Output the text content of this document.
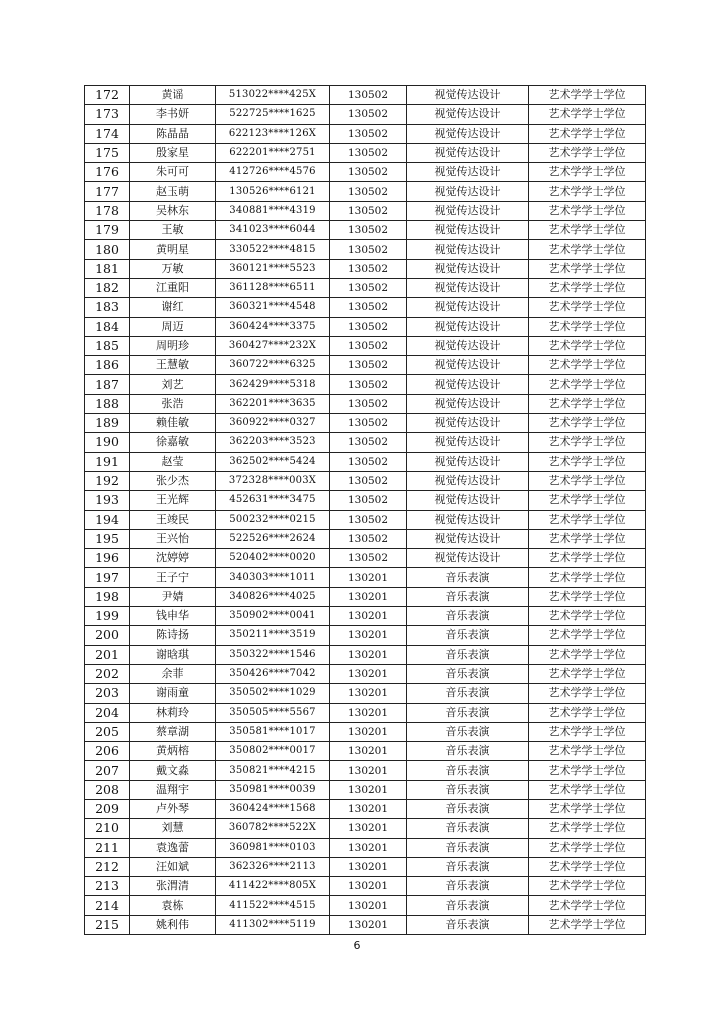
172	黄谣	513022****425X	130502	视觉传达设计	艺术学学士学位
173	李书妍	522725****1625	130502	视觉传达设计	艺术学学士学位
174	陈晶晶	622123****126X	130502	视觉传达设计	艺术学学士学位
175	殷家星	622201****2751	130502	视觉传达设计	艺术学学士学位
176	朱可可	412726****4576	130502	视觉传达设计	艺术学学士学位
177	赵玉萌	130526****6121	130502	视觉传达设计	艺术学学士学位
178	吴林东	340881****4319	130502	视觉传达设计	艺术学学士学位
179	王敏	341023****6044	130502	视觉传达设计	艺术学学士学位
180	黄明星	330522****4815	130502	视觉传达设计	艺术学学士学位
181	万敏	360121****5523	130502	视觉传达设计	艺术学学士学位
182	江重阳	361128****6511	130502	视觉传达设计	艺术学学士学位
183	谢红	360321****4548	130502	视觉传达设计	艺术学学士学位
184	周迈	360424****3375	130502	视觉传达设计	艺术学学士学位
185	周明珍	360427****232X	130502	视觉传达设计	艺术学学士学位
186	王慧敏	360722****6325	130502	视觉传达设计	艺术学学士学位
187	刘艺	362429****5318	130502	视觉传达设计	艺术学学士学位
188	张浩	362201****3635	130502	视觉传达设计	艺术学学士学位
189	赖佳敏	360922****0327	130502	视觉传达设计	艺术学学士学位
190	徐嘉敏	362203****3523	130502	视觉传达设计	艺术学学士学位
191	赵莹	362502****5424	130502	视觉传达设计	艺术学学士学位
192	张少杰	372328****003X	130502	视觉传达设计	艺术学学士学位
193	王光辉	452631****3475	130502	视觉传达设计	艺术学学士学位
194	王竣民	500232****0215	130502	视觉传达设计	艺术学学士学位
195	王兴怡	522526****2624	130502	视觉传达设计	艺术学学士学位
196	沈婷婷	520402****0020	130502	视觉传达设计	艺术学学士学位
197	王子宁	340303****1011	130201	音乐表演	艺术学学士学位
198	尹婧	340826****4025	130201	音乐表演	艺术学学士学位
199	钱申华	350902****0041	130201	音乐表演	艺术学学士学位
200	陈诗扬	350211****3519	130201	音乐表演	艺术学学士学位
201	谢晗琪	350322****1546	130201	音乐表演	艺术学学士学位
202	余菲	350426****7042	130201	音乐表演	艺术学学士学位
203	谢雨童	350502****1029	130201	音乐表演	艺术学学士学位
204	林莉玲	350505****5567	130201	音乐表演	艺术学学士学位
205	蔡章湖	350581****1017	130201	音乐表演	艺术学学士学位
206	黄炳榕	350802****0017	130201	音乐表演	艺术学学士学位
207	戴文淼	350821****4215	130201	音乐表演	艺术学学士学位
208	温翔宇	350981****0039	130201	音乐表演	艺术学学士学位
209	卢外琴	360424****1568	130201	音乐表演	艺术学学士学位
210	刘慧	360782****522X	130201	音乐表演	艺术学学士学位
211	袁逸蕾	360981****0103	130201	音乐表演	艺术学学士学位
212	汪如斌	362326****2113	130201	音乐表演	艺术学学士学位
213	张渭清	411422****805X	130201	音乐表演	艺术学学士学位
214	袁栋	411522****4515	130201	音乐表演	艺术学学士学位
215	姚利伟	411302****5119	130201	音乐表演	艺术学学士学位
6
